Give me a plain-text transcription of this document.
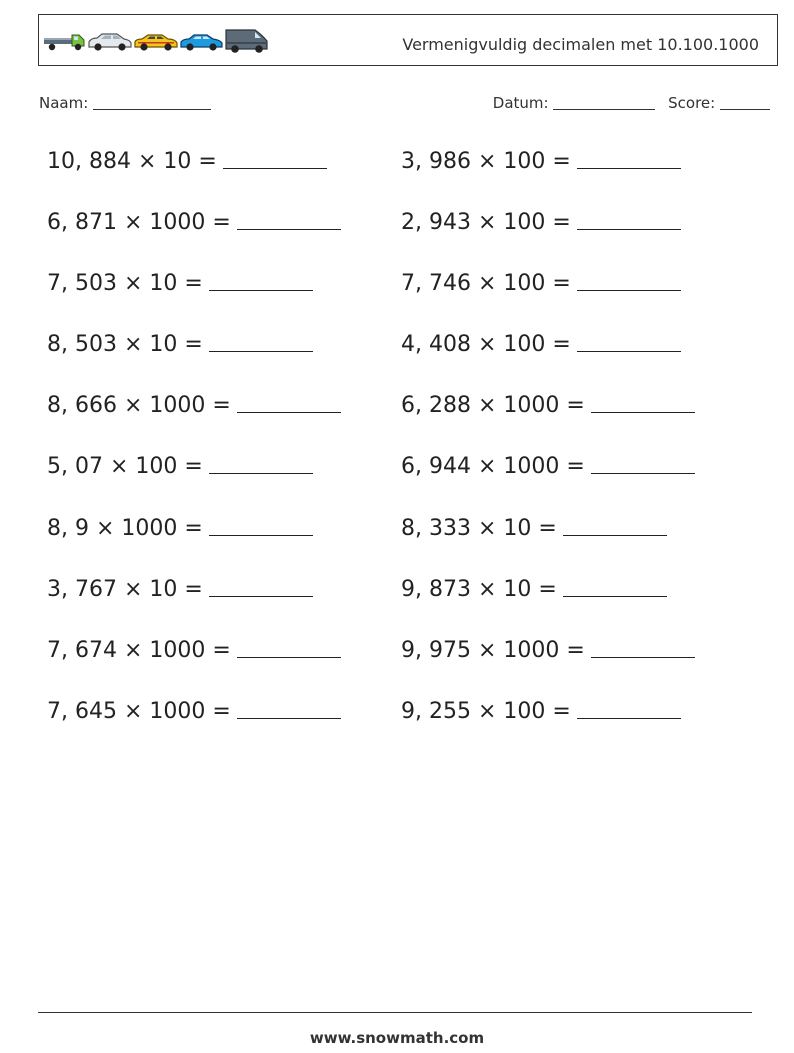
Vermenigvuldig decimalen met 10.100.1000
Naam:	Datum:	Score:
10, 884 × 10 =	3, 986 × 100 =
6, 871 × 1000 =	2, 943 × 100 =
7, 503 × 10 =	7, 746 × 100 =
8, 503 × 10 =	4, 408 × 100 =
8, 666 × 1000 =	6, 288 × 1000 =
5, 07 × 100 =	6, 944 × 1000 =
8, 9 × 1000 =	8, 333 × 10 =
3, 767 × 10 =	9, 873 × 10 =
7, 674 × 1000 =	9, 975 × 1000 =
7, 645 × 1000 =	9, 255 × 100 =
www.snowmath.com
